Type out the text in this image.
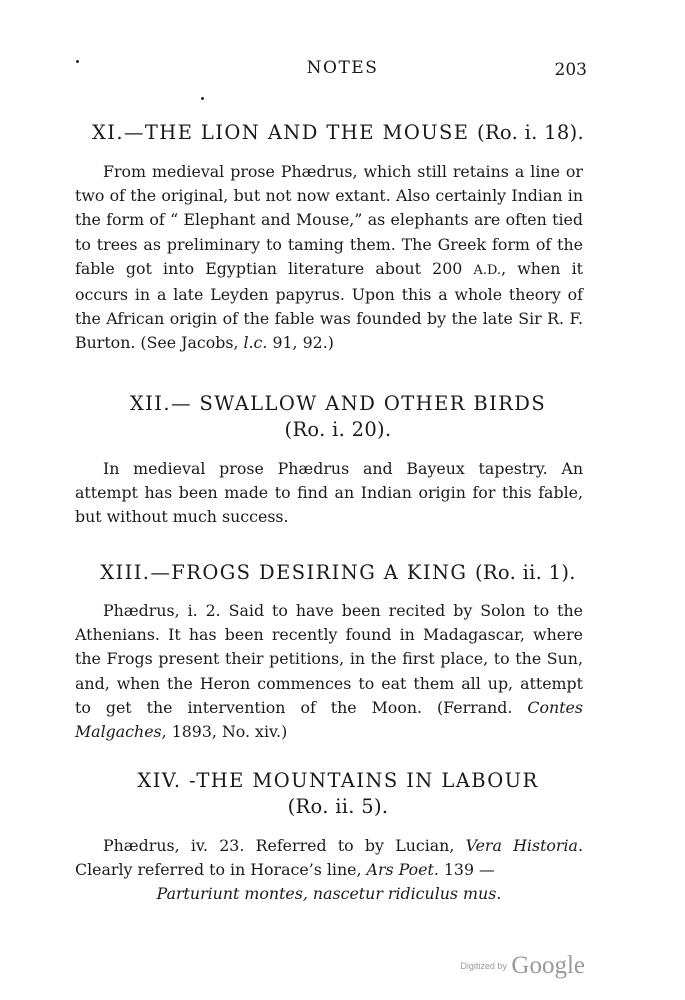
NOTES	203
XI.—THE LION AND THE MOUSE (Ro. i. 18).

From medieval prose Phædrus, which still retains a line or two of the original, but not now extant. Also certainly Indian in the form of “ Elephant and Mouse,” as elephants are often tied to trees as preliminary to taming them. The Greek form of the fable got into Egyptian literature about 200 A.D., when it occurs in a late Leyden papyrus. Upon this a whole theory of the African origin of the fable was founded by the late Sir R. F. Burton. (See Jacobs, l.c. 91, 92.)

XII.— SWALLOW AND OTHER BIRDS
(Ro. i. 20).

In medieval prose Phædrus and Bayeux tapestry. An attempt has been made to find an Indian origin for this fable, but without much success.

XIII.—FROGS DESIRING A KING (Ro. ii. 1).

Phædrus, i. 2. Said to have been recited by Solon to the Athenians. It has been recently found in Madagascar, where the Frogs present their petitions, in the first place, to the Sun, and, when the Heron commences to eat them all up, attempt to get the intervention of the Moon. (Ferrand. Contes Malgaches, 1893, No. xiv.)

XIV. -THE MOUNTAINS IN LABOUR
(Ro. ii. 5).

Phædrus, iv. 23. Referred to by Lucian, Vera Historia. Clearly referred to in Horace’s line, Ars Poet. 139 —
Parturiunt montes, nascetur ridiculus mus.

Digitized by Google
